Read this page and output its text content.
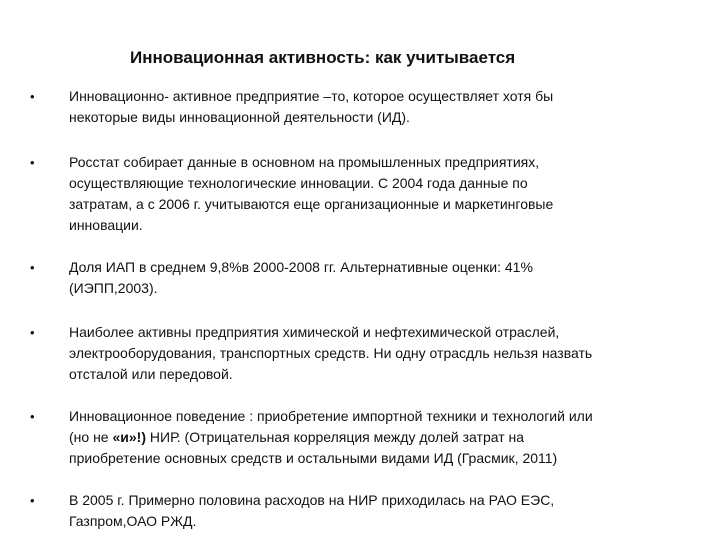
Инновационная активность: как учитывается
•	Инновационно- активное предприятие –то, которое осуществляет хотя бы
некоторые виды инновационной деятельности (ИД).
•	Росстат собирает данные в основном на промышленных предприятиях,
осуществляющие технологические инновации. С 2004 года данные по
затратам, а с 2006 г. учитываются еще организационные и маркетинговые
инновации.
•	Доля ИАП в среднем 9,8%в 2000-2008 гг. Альтернативные оценки: 41%
(ИЭПП,2003).
•	Наиболее активны предприятия химической и нефтехимической отраслей,
электрооборудования, транспортных средств. Ни одну отрасдль нельзя назвать
отсталой или передовой.
•	Инновационное поведение : приобретение импортной техники и технологий или
(но не «и»!) НИР. (Отрицательная корреляция между долей затрат на
приобретение основных средств и остальными видами ИД (Грасмик, 2011)
•	В 2005 г. Примерно половина расходов на НИР приходилась на РАО ЕЭС,
Газпром,ОАО РЖД.
